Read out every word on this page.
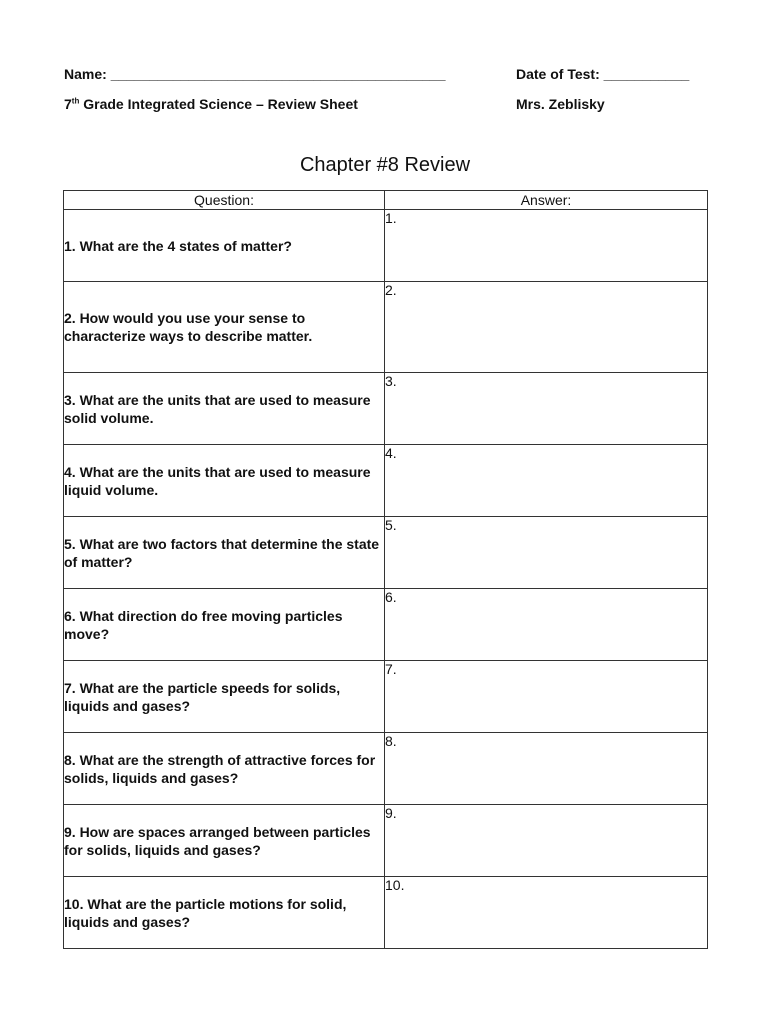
Name: ___________________________________________	Date of Test: ___________
7th Grade Integrated Science – Review Sheet	Mrs. Zeblisky
Chapter #8 Review
Question:	Answer:
1. What are the 4 states of matter?	1.
2. How would you use your sense to characterize ways to describe matter.	2.
3. What are the units that are used to measure solid volume.	3.
4. What are the units that are used to measure liquid volume.	4.
5. What are two factors that determine the state of matter?	5.
6. What direction do free moving particles move?	6.
7. What are the particle speeds for solids, liquids and gases?	7.
8. What are the strength of attractive forces for solids, liquids and gases?	8.
9. How are spaces arranged between particles for solids, liquids and gases?	9.
10. What are the particle motions for solid, liquids and gases?	10.
